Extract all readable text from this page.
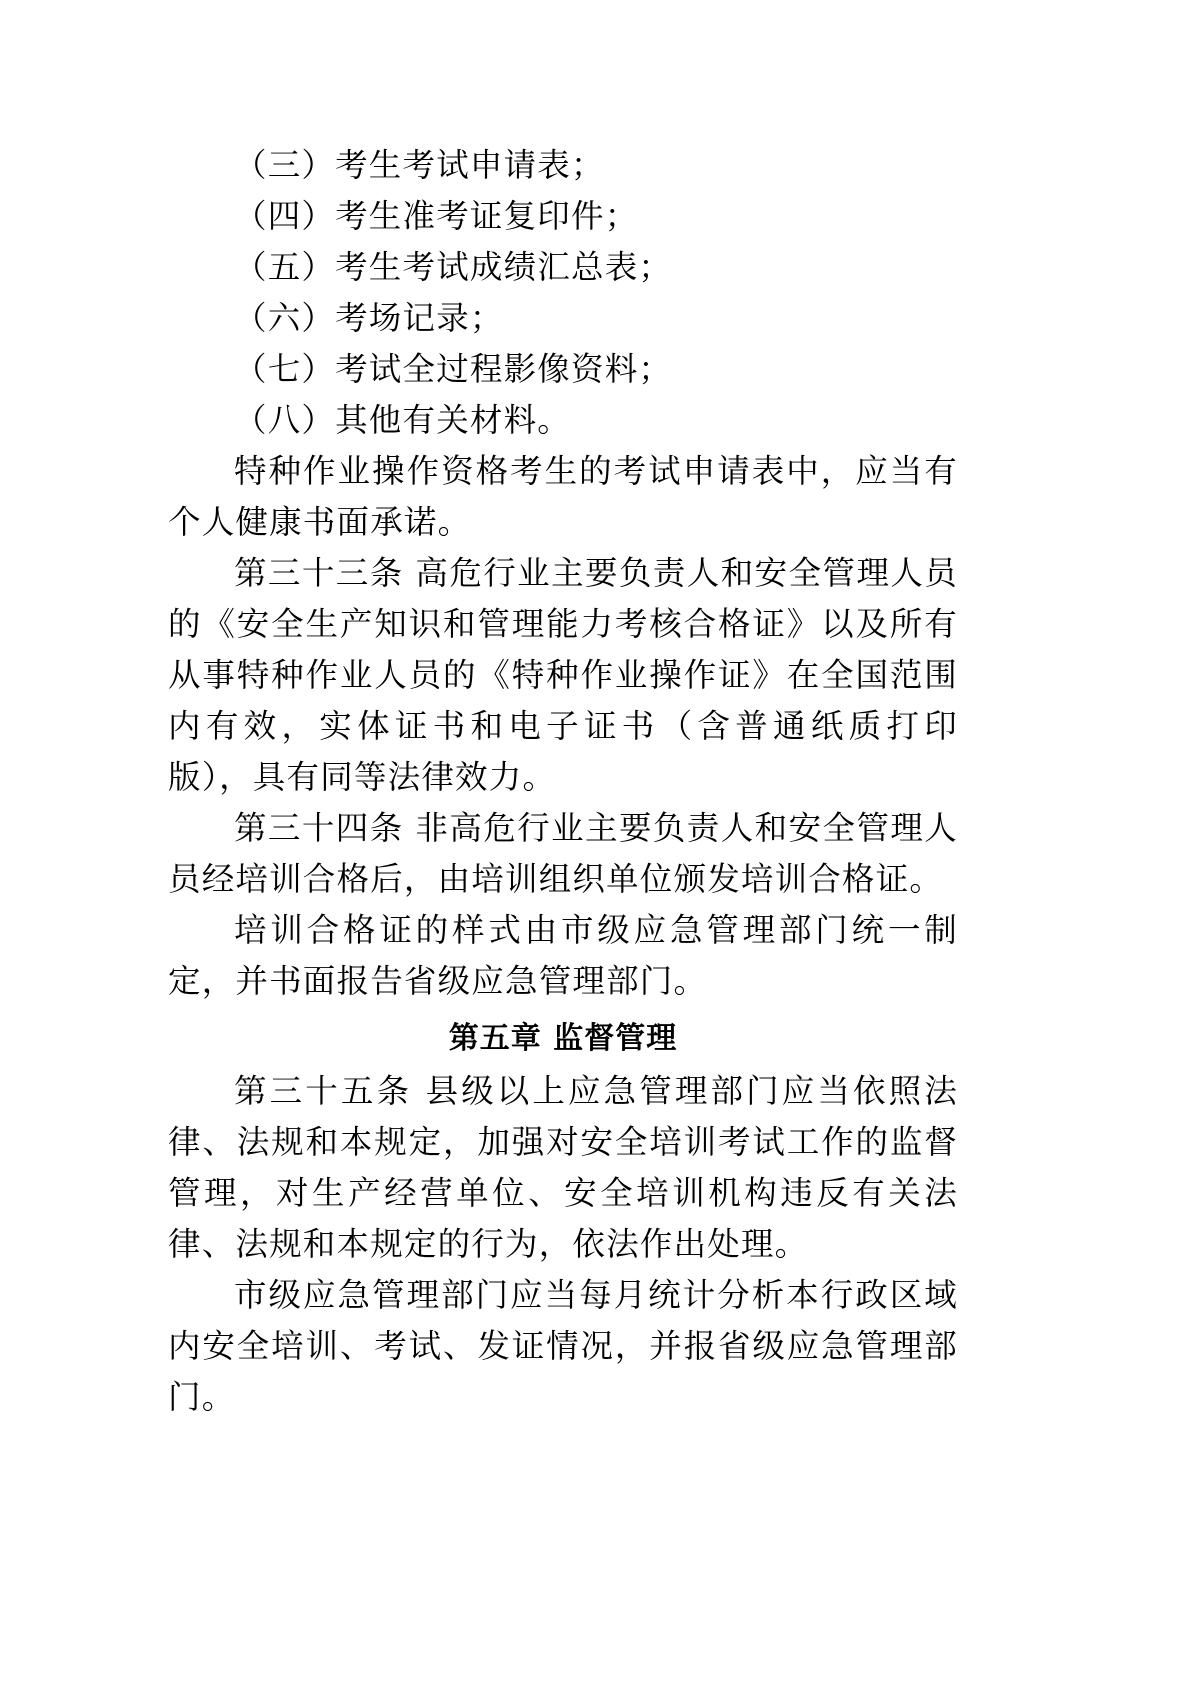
（三）考生考试申请表；

（四）考生准考证复印件；

（五）考生考试成绩汇总表；

（六）考场记录；

（七）考试全过程影像资料；

（八）其他有关材料。

特种作业操作资格考生的考试申请表中，应当有个人健康书面承诺。

第三十三条 高危行业主要负责人和安全管理人员的《安全生产知识和管理能力考核合格证》以及所有从事特种作业人员的《特种作业操作证》在全国范围内有效，实体证书和电子证书（含普通纸质打印版），具有同等法律效力。

第三十四条 非高危行业主要负责人和安全管理人员经培训合格后，由培训组织单位颁发培训合格证。

培训合格证的样式由市级应急管理部门统一制定，并书面报告省级应急管理部门。

第五章 监督管理

第三十五条 县级以上应急管理部门应当依照法律、法规和本规定，加强对安全培训考试工作的监督管理，对生产经营单位、安全培训机构违反有关法律、法规和本规定的行为，依法作出处理。

市级应急管理部门应当每月统计分析本行政区域内安全培训、考试、发证情况，并报省级应急管理部门。
